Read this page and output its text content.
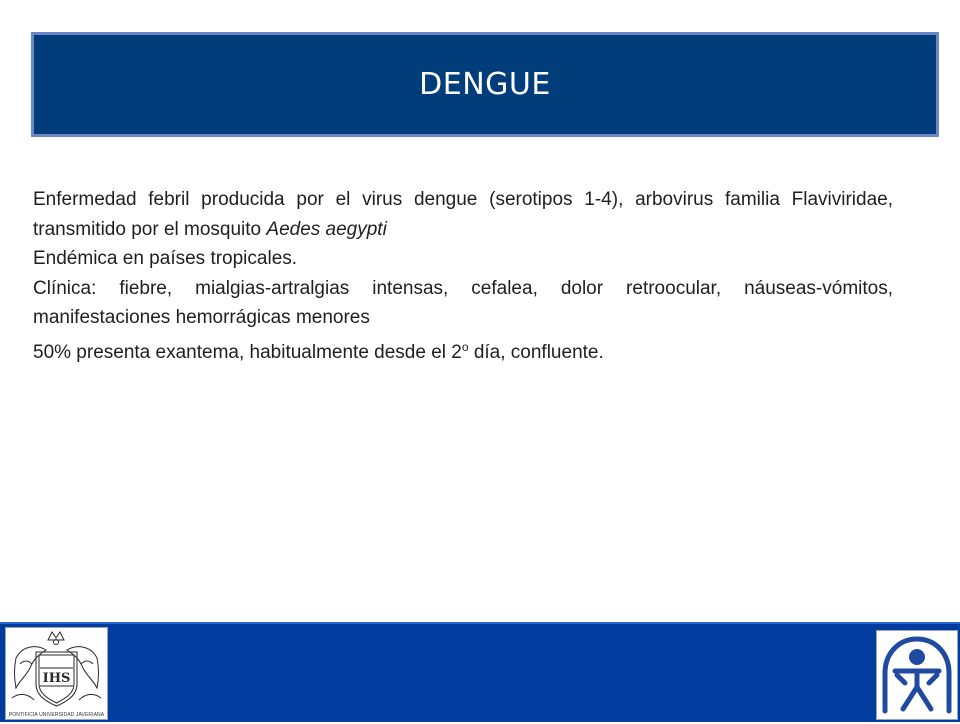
DENGUE

Enfermedad febril producida por el virus dengue (serotipos 1-4), arbovirus familia Flaviviridae, transmitido por el mosquito Aedes aegypti

Endémica en países tropicales.

Clínica: fiebre, mialgias-artralgias intensas, cefalea, dolor retroocular, náuseas-vómitos, manifestaciones hemorrágicas menores

50% presenta exantema, habitualmente desde el 2$^o$ día, confluente.

IHS
PONTIFICIA UNIVERSIDAD JAVERIANA
